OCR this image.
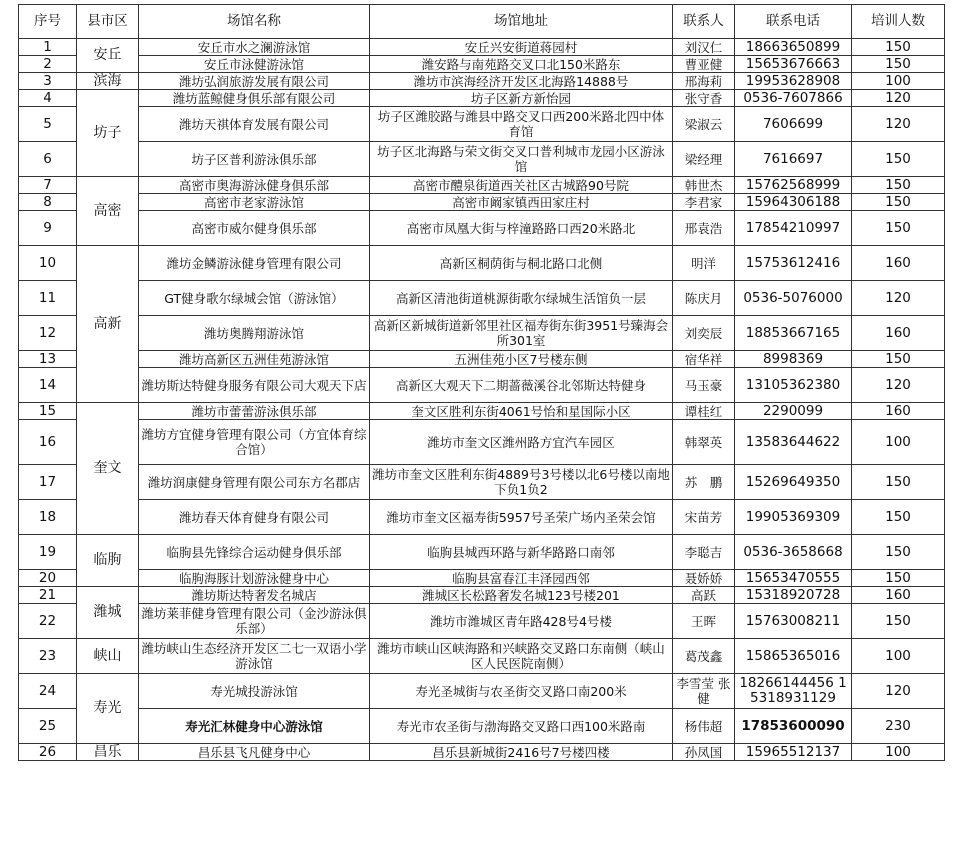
序号	县市区	场馆名称	场馆地址	联系人	联系电话	培训人数
1	安丘	安丘市水之澜游泳馆	安丘兴安街道蒋园村	刘汉仁	18663650899	150
2		安丘市泳健游泳馆	潍安路与南苑路交叉口北150米路东	曹亚健	15653676663	150
3	滨海	潍坊弘润旅游发展有限公司	潍坊市滨海经济开发区北海路14888号	邢海莉	19953628908	100
4	坊子	潍坊蓝鲸健身俱乐部有限公司	坊子区新方新怡园	张守香	0536-7607866	120
5		潍坊天祺体育发展有限公司	坊子区潍胶路与潍县中路交叉口西200米路北四中体育馆	梁淑云	7606699	120
6		坊子区普利游泳俱乐部	坊子区北海路与荣文街交叉口普利城市龙园小区游泳馆	梁经理	7616697	150
7	高密	高密市奥海游泳健身俱乐部	高密市醴泉街道西关社区古城路90号院	韩世杰	15762568999	150
8		高密市老家游泳馆	高密市阚家镇西田家庄村	李君家	15964306188	150
9		高密市威尔健身俱乐部	高密市凤凰大街与梓潼路路口西20米路北	邢袁浩	17854210997	150
10	高新	潍坊金鳞游泳健身管理有限公司	高新区桐荫街与桐北路口北侧	明洋	15753612416	160
11		GT健身歌尔绿城会馆（游泳馆）	高新区清池街道桃源街歌尔绿城生活馆负一层	陈庆月	0536-5076000	120
12		潍坊奥腾翔游泳馆	高新区新城街道新邻里社区福寿街东街3951号臻海会所301室	刘奕辰	18853667165	160
13		潍坊高新区五洲佳苑游泳馆	五洲佳苑小区7号楼东侧	宿华祥	8998369	150
14		潍坊斯达特健身服务有限公司大观天下店	高新区大观天下二期蔷薇溪谷北邻斯达特健身	马玉豪	13105362380	120
15	奎文	潍坊市蕾蕾游泳俱乐部	奎文区胜利东街4061号怡和星国际小区	谭桂红	2290099	160
16		潍坊方宜健身管理有限公司（方宜体育综合馆）	潍坊市奎文区潍州路方宜汽车园区	韩翠英	13583644622	100
17		潍坊润康健身管理有限公司东方名郡店	潍坊市奎文区胜利东街4889号3号楼以北6号楼以南地下负1负2	苏　鹏	15269649350	150
18		潍坊春天体育健身有限公司	潍坊市奎文区福寿街5957号圣荣广场内圣荣会馆	宋苗芳	19905369309	150
19	临朐	临朐县先锋综合运动健身俱乐部	临朐县城西环路与新华路路口南邻	李聪吉	0536-3658668	150
20		临朐海豚计划游泳健身中心	临朐县富春江丰泽园西邻	聂娇娇	15653470555	150
21	潍城	潍坊斯达特奢发名城店	潍城区长松路奢发名城123号楼201	高跃	15318920728	160
22		潍坊莱菲健身管理有限公司（金沙游泳俱乐部）	潍坊市潍城区青年路428号4号楼	王晖	15763008211	150
23	峡山	潍坊峡山生态经济开发区二七一双语小学游泳馆	潍坊市峡山区峡海路和兴峡路交叉路口东南侧（峡山区人民医院南侧）	葛茂鑫	15865365016	100
24	寿光	寿光城投游泳馆	寿光圣城街与农圣街交叉路口南200米	李雪莹 张　健	18266144456 15318931129	120
25		寿光汇林健身中心游泳馆	寿光市农圣街与渤海路交叉路口西100米路南	杨伟超	17853600090	230
26	昌乐	昌乐县飞凡健身中心	昌乐县新城街2416号7号楼四楼	孙凤国	15965512137	100
